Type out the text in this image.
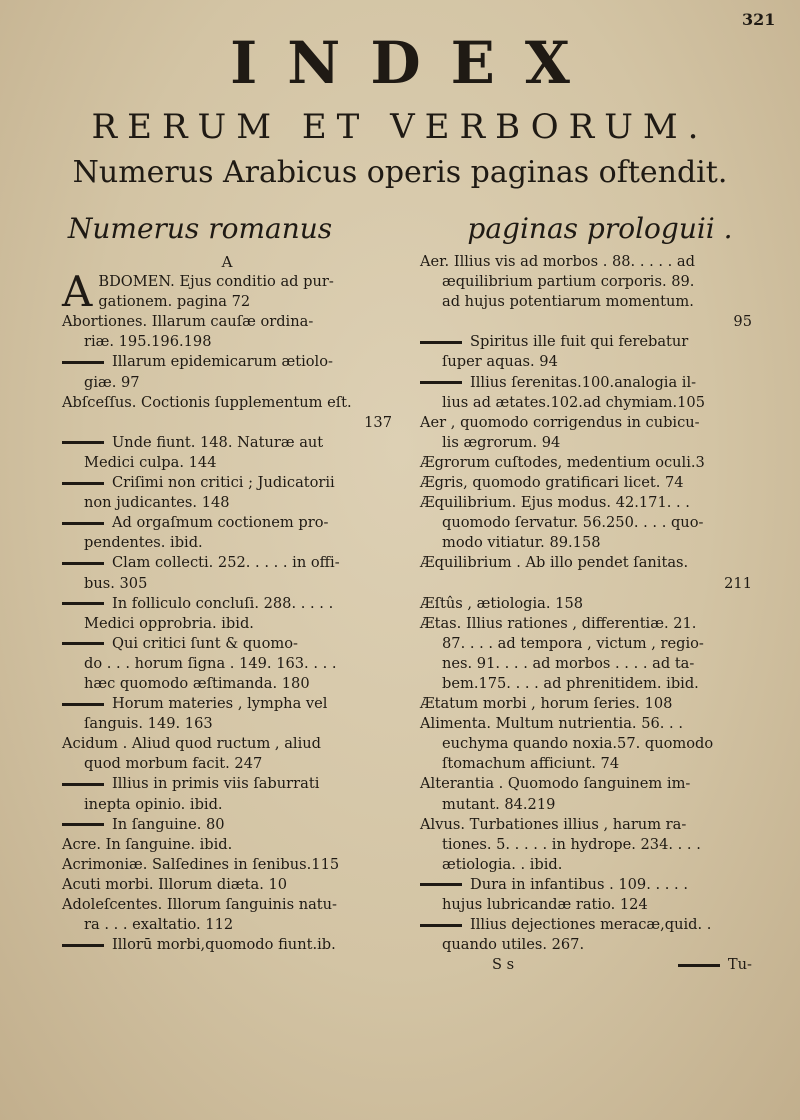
321
INDEX
RERUM ET VERBORUM.
Numerus Arabicus operis paginas oftendit.
Numerus romanus	paginas prologuii .
A
ABDOMEN. Ejus conditio ad pur-
gationem. pagina 72
Abortiones. Illarum cauſæ ordina-
riæ. 195.196.198
Illarum epidemicarum ætiolo-
giæ. 97
Abſceſſus. Coctionis ſupplementum eſt.
137
Unde fiunt. 148. Naturæ aut
Medici culpa. 144
Criſimi non critici ; Judicatorii
non judicantes. 148
Ad orgaſmum coctionem pro-
pendentes. ibid.
Clam collecti. 252. . . . . in offi-
bus. 305
In folliculo concluſi. 288. . . . .
Medici opprobria. ibid.
Qui critici ſunt & quomo-
do . . . horum ſigna . 149. 163. . . .
hæc quomodo æſtimanda. 180
Horum materies , lympha vel
ſanguis. 149. 163
Acidum . Aliud quod ructum , aliud
quod morbum facit. 247
Illius in primis viis ſaburrati
inepta opinio. ibid.
In ſanguine. 80
Acre. In ſanguine. ibid.
Acrimoniæ. Salſedines in ſenibus.115
Acuti morbi. Illorum diæta. 10
Adoleſcentes. Illorum ſanguinis natu-
ra . . . exaltatio. 112
Illorū morbi,quomodo fiunt.ib.
Aer. Illius vis ad morbos . 88. . . . . ad
æquilibrium partium corporis. 89.
ad hujus potentiarum momentum.
95
Spiritus ille fuit qui ferebatur
ſuper aquas. 94
Illius ſerenitas.100.analogia il-
lius ad ætates.102.ad chymiam.105
Aer , quomodo corrigendus in cubicu-
lis ægrorum. 94
Ægrorum cuſtodes, medentium oculi.3
Ægris, quomodo gratificari licet. 74
Æquilibrium. Ejus modus. 42.171. . .
quomodo ſervatur. 56.250. . . . quo-
modo vitiatur. 89.158
Æquilibrium . Ab illo pendet ſanitas.
211
Æſtûs , ætiologia. 158
Ætas. Illius rationes , differentiæ. 21.
87. . . . ad tempora , victum , regio-
nes. 91. . . . ad morbos . . . . ad ta-
bem.175. . . . ad phrenitidem. ibid.
Ætatum morbi , horum ſeries. 108
Alimenta. Multum nutrientia. 56. . .
euchyma quando noxia.57. quomodo
ſtomachum afficiunt. 74
Alterantia . Quomodo ſanguinem im-
mutant. 84.219
Alvus. Turbationes illius , harum ra-
tiones. 5. . . . . in hydrope. 234. . . .
ætiologia. . ibid.
Dura in infantibus . 109. . . . .
hujus lubricandæ ratio. 124
Illius dejectiones meracæ,quid. .
quando utiles. 267.
S s	Tu-
